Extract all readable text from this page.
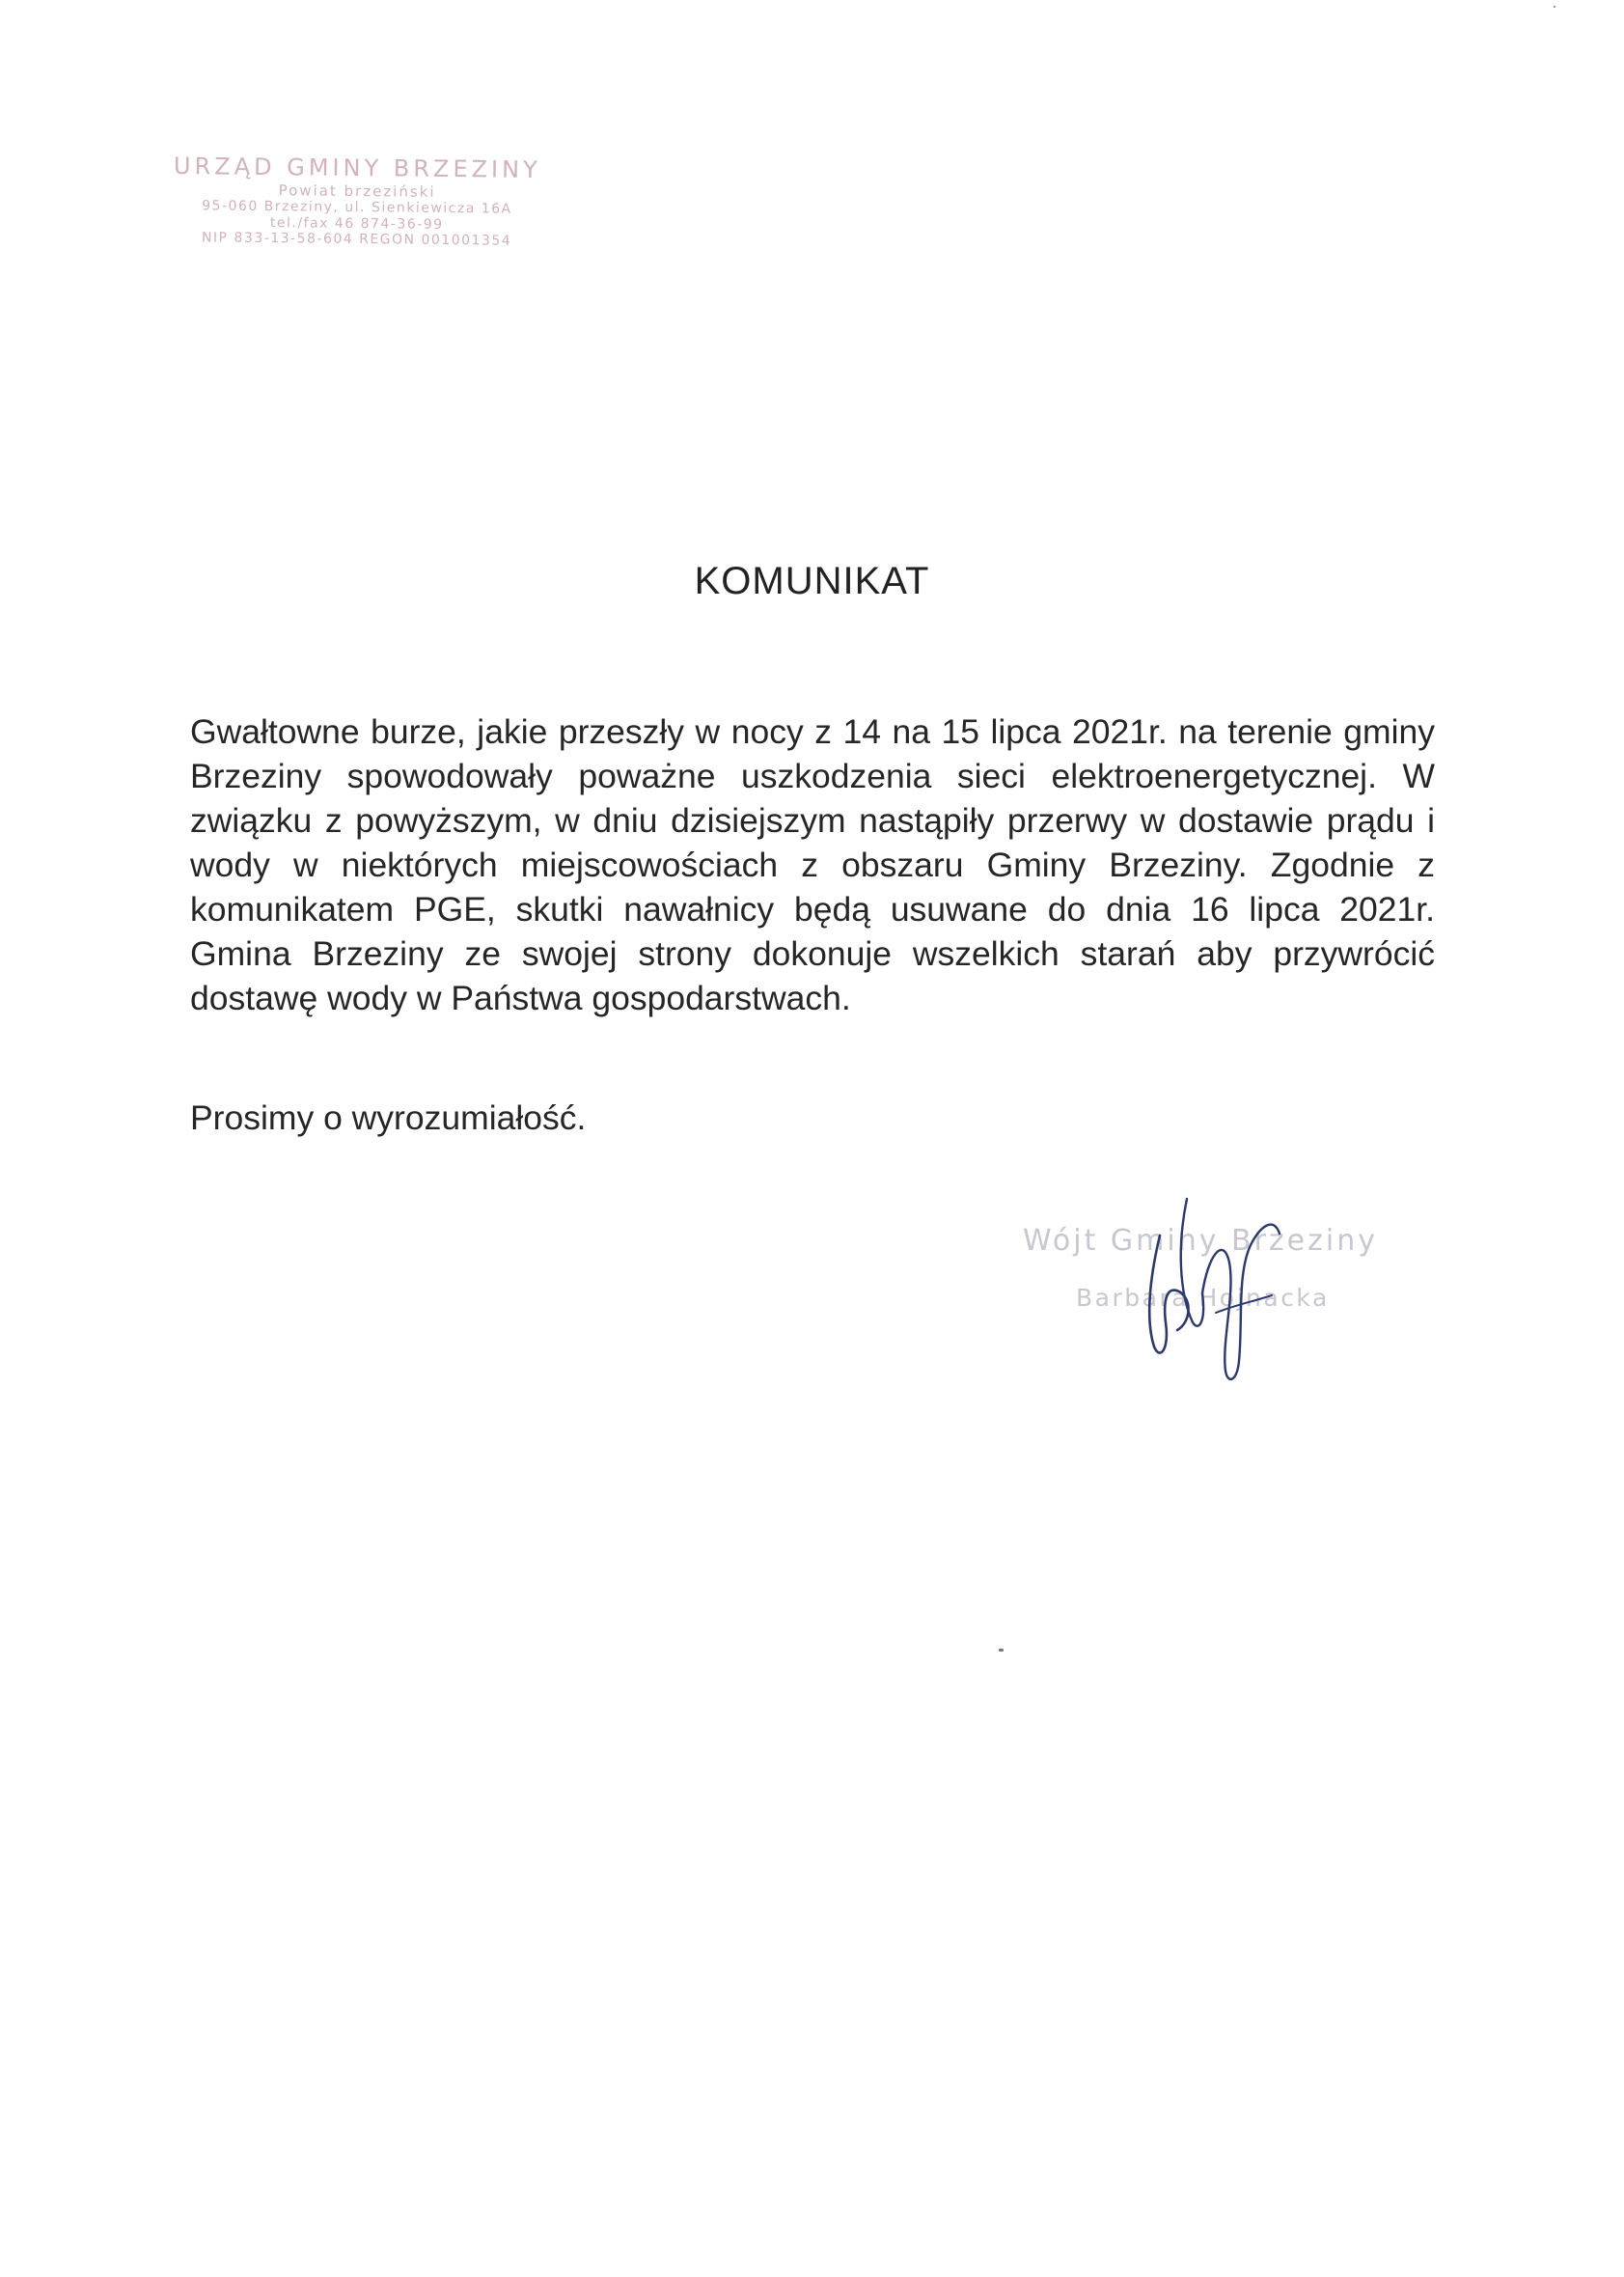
URZĄD GMINY BRZEZINY
Powiat brzeziński
95-060 Brzeziny, ul. Sienkiewicza 16A
tel./fax 46 874-36-99
NIP 833-13-58-604 REGON 001001354
KOMUNIKAT

Gwałtowne burze, jakie przeszły w nocy z 14 na 15 lipca 2021r. na terenie gminy Brzeziny spowodowały poważne uszkodzenia sieci elektroenergetycznej. W związku z powyższym, w dniu dzisiejszym nastąpiły przerwy w dostawie prądu i wody w niektórych miejscowościach z obszaru Gminy Brzeziny. Zgodnie z komunikatem PGE, skutki nawałnicy będą usuwane do dnia 16 lipca 2021r. Gmina Brzeziny ze swojej strony dokonuje wszelkich starań aby przywrócić dostawę wody w Państwa gospodarstwach.

Prosimy o wyrozumiałość.
Wójt Gminy Brzeziny
Barbara Hojnacka
